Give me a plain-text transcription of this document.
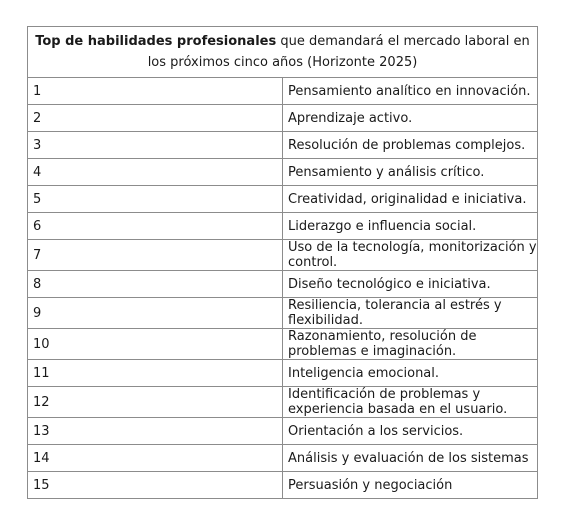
Top de habilidades profesionales que demandará el mercado laboral en los próximos cinco años (Horizonte 2025)	
1	Pensamiento analítico en innovación.
2	Aprendizaje activo.
3	Resolución de problemas complejos.
4	Pensamiento y análisis crítico.
5	Creatividad, originalidad e iniciativa.
6	Liderazgo e influencia social.
7	Uso de la tecnología, monitorización y control.
8	Diseño tecnológico e iniciativa.
9	Resiliencia, tolerancia al estrés y flexibilidad.
10	Razonamiento, resolución de problemas e imaginación.
11	Inteligencia emocional.
12	Identificación de problemas y experiencia basada en el usuario.
13	Orientación a los servicios.
14	Análisis y evaluación de los sistemas
15	Persuasión y negociación
